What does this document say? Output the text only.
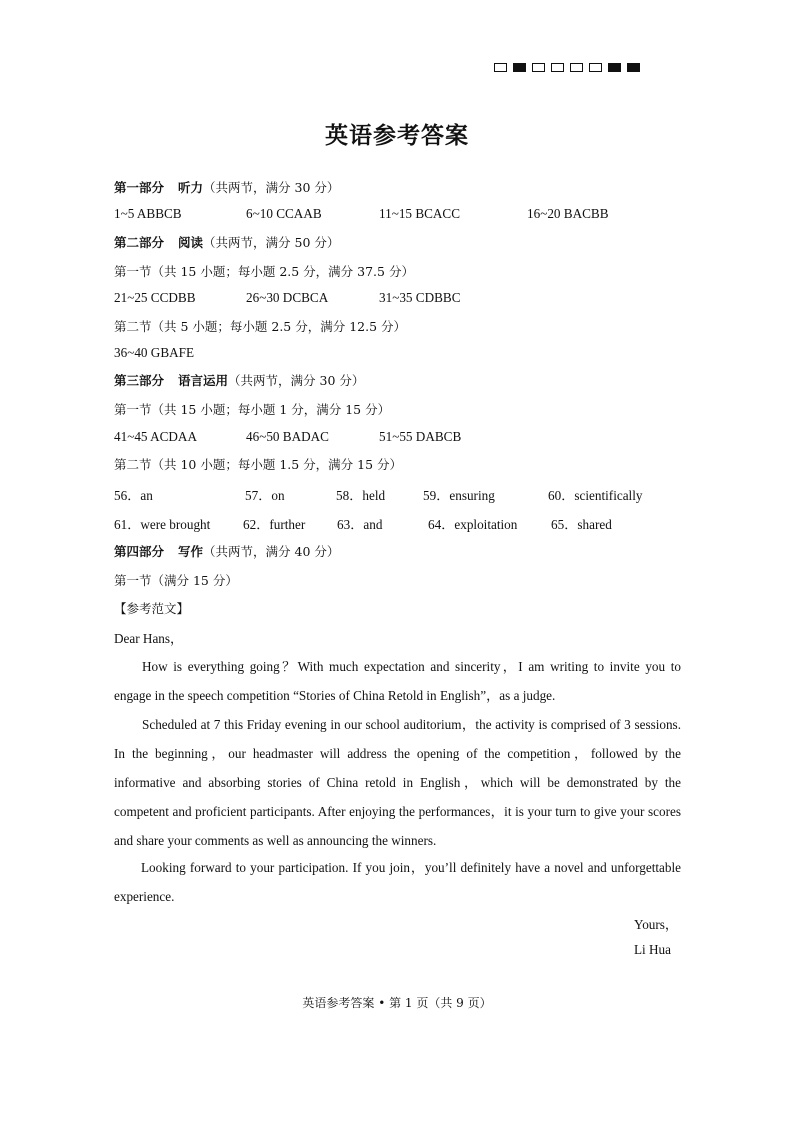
英语参考答案
第一部分 听力（共两节，满分 30 分）
1~5 ABBCB	6~10 CCAAB	11~15 BCACC	16~20 BACBB
第二部分 阅读（共两节，满分 50 分）
第一节（共 15 小题；每小题 2.5 分，满分 37.5 分）
21~25 CCDBB	26~30 DCBCA	31~35 CDBBC
第二节（共 5 小题；每小题 2.5 分，满分 12.5 分）
36~40 GBAFE
第三部分 语言运用（共两节，满分 30 分）
第一节（共 15 小题；每小题 1 分，满分 15 分）
41~45 ACDAA	46~50 BADAC	51~55 DABCB
第二节（共 10 小题；每小题 1.5 分，满分 15 分）
56．an	57．on	58．held	59．ensuring	60．scientifically
61．were brought 62．further 63．and	64．exploitation	65．shared
第四部分 写作（共两节，满分 40 分）
第一节（满分 15 分）
【参考范文】
Dear Hans，
How is everything going？With much expectation and sincerity，I am writing to invite you to engage in the speech competition “Stories of China Retold in English”，as a judge.
Scheduled at 7 this Friday evening in our school auditorium，the activity is comprised of 3 sessions. In the beginning，our headmaster will address the opening of the competition，followed by the informative and absorbing stories of China retold in English，which will be demonstrated by the competent and proficient participants. After enjoying the performances，it is your turn to give your scores and share your comments as well as announcing the winners.
Looking forward to your participation. If you join，you’ll definitely have a novel and unforgettable experience.
Yours，
Li Hua
英语参考答案 • 第 1 页（共 9 页）
